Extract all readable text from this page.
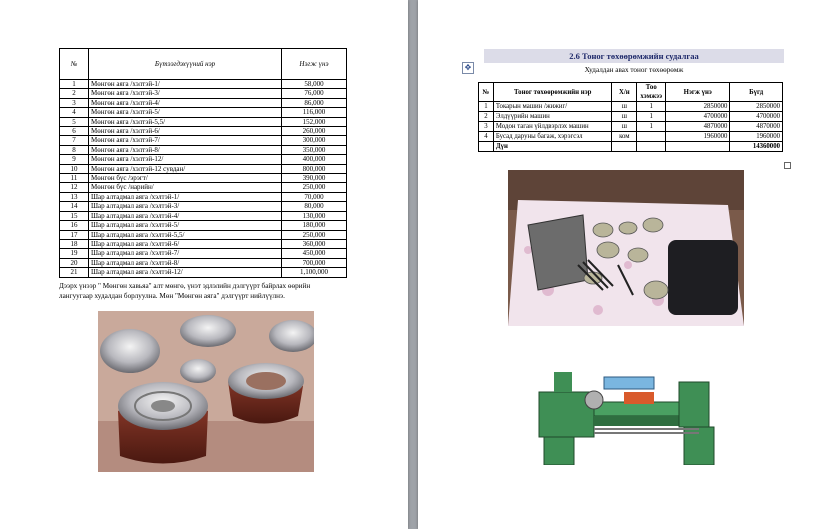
№	Бүтээгдэхүүний нэр	Нэгж үнэ
1	Мөнгөн аяга /хэлтэй-1/	58,000
2	Мөнгөн аяга /хэлтэй-3/	76,000
3	Мөнгөн аяга /хэлтэй-4/	86,000
4	Мөнгөн аяга /хэлтэй-5/	116,000
5	Мөнгөн аяга /хэлтэй-5,5/	152,000
6	Мөнгөн аяга /хэлтэй-6/	260,000
7	Мөнгөн аяга /хэлтэй-7/	300,000
8	Мөнгөн аяга /хэлтэй-8/	350,000
9	Мөнгөн аяга /хэлтэй-12/	400,000
10	Мөнгөн аяга /хэлтэй-12 сувдан/	800,000
11	Мөнгөн бүс /эрэгт/	390,000
12	Мөнгөн бүс /нарийн/	250,000
13	Шар алтадмал аяга /хэлтэй-1/	70,000
14	Шар алтадмал аяга /хэлтэй-3/	80,000
15	Шар алтадмал аяга /хэлтэй-4/	130,000
16	Шар алтадмал аяга /хэлтэй-5/	180,000
17	Шар алтадмал аяга /хэлтэй-5,5/	250,000
18	Шар алтадмал аяга /хэлтэй-6/	360,000
19	Шар алтадмал аяга /хэлтэй-7/	450,000
20	Шар алтадмал аяга /хэлтэй-8/	700,000
21	Шар алтадмал аяга /хэлтэй-12/	1,100,000
Дээрх үнээр " Мөнгөн хавьяа" алт мөнгө, үнэт эдлэлийн дэлгүүрт байрлах өөрийн
лангуугаар худалдан борлуулна. Мөн "Мөнгөн аяга" дэлгүүрт нийлүүлнэ.
2.6 Тоног төхөөрөмжийн судалгаа
✥	Худалдан авах тоног төхөөрөмж
№	Тоног төхөөрөмжийн нэр	Х/н	Тоо хэмжээ	Нэгж үнэ	Бүгд
1	Токарын машин /жижиг/	ш	1	2850000	2850000
2	Элдүүрийн машин	ш	1	4700000	4700000
3	Модон таган үйлдвэрлэх машин	ш	1	4870000	4870000
4	Бусад даруны багаж, хэрэгсэл	ком		1960000	1960000
	Дүн				14360000
